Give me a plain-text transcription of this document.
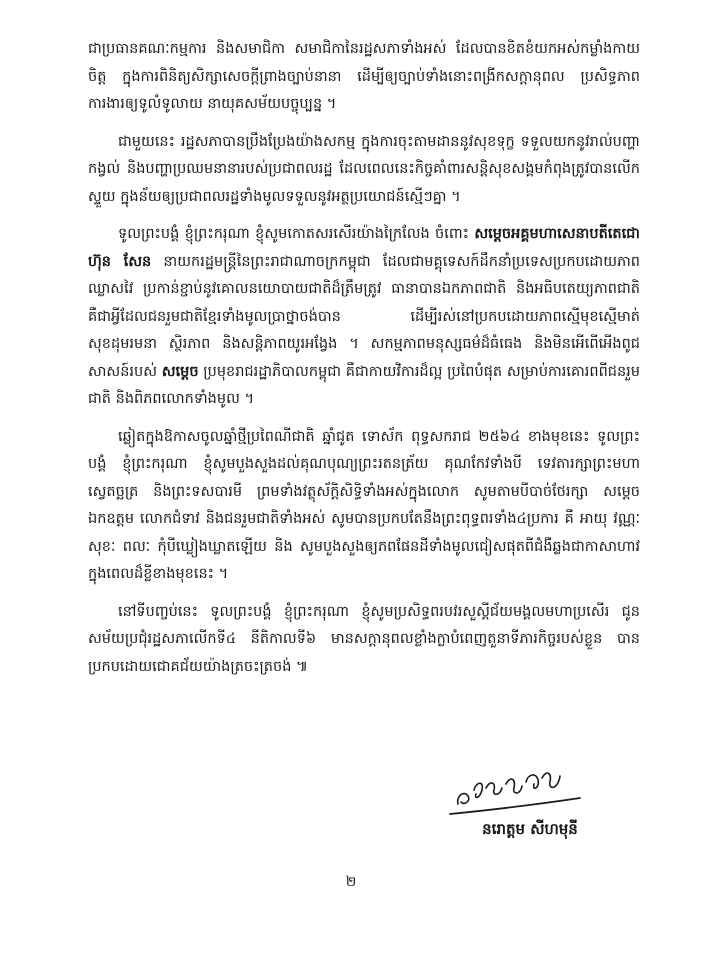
ជាប្រធានគណៈកម្មការ និងសមាជិកា សមាជិកានៃរដ្ឋសភាទាំងអស់ ដែលបានខិតខំយកអស់កម្លាំងកាយចិត្ត ក្នុងការពិនិត្យសិក្សាសេចក្ដីព្រាងច្បាប់នានា ដើម្បីឲ្យច្បាប់ទាំងនោះពង្រីកសក្ដានុពល ប្រសិទ្ធភាពការងារឲ្យទូលំទូលាយ នាយុគសម័យបច្ចុប្បន្ន ។

ជាមួយនេះ រដ្ឋសភាបានប្រឹងប្រែងយ៉ាងសកម្ម ក្នុងការចុះតាមដាននូវសុខទុក្ខ ទទួលយកនូវរាល់បញ្ហាកង្វល់ និងបញ្ហាប្រឈមនានារបស់ប្រជាពលរដ្ឋ ដែលពេលនេះកិច្ចគាំពារសន្តិសុខសង្គមកំពុងត្រូវបានលើកស្ទួយ ក្នុងន័យឲ្យប្រជាពលរដ្ឋទាំងមូលទទួលនូវអត្ថប្រយោជន៍ស្មើៗគ្នា ។

ទូលព្រះបង្គំ ខ្ញុំព្រះករុណា ខ្ញុំសូមកោតសរសើរយ៉ាងក្រៃលែង ចំពោះ សម្ដេចអគ្គមហាសេនាបតីតេជោ ហ៊ុន សែន នាយករដ្ឋមន្ត្រីនៃព្រះរាជាណាចក្រកម្ពុជា ដែលជាមគ្គុទេសក៍ដឹកនាំប្រទេសប្រកបដោយភាពឈ្លាសវៃ ប្រកាន់ខ្ជាប់នូវគោលនយោបាយជាតិដ៏ត្រឹមត្រូវ ធានាបានឯកភាពជាតិ និងអធិបតេយ្យភាពជាតិ គឺជាអ្វីដែលជនរួមជាតិខ្មែរទាំងមូលប្រាថ្នាចង់បាន ដើម្បីរស់នៅប្រកបដោយភាពស្មើមុខស្មើមាត់ សុខដុមរមនា ស្ថិរភាព និងសន្តិភាពយូរអង្វែង ។ សកម្មភាពមនុស្សធម៌ដ៏ធំធេង និងមិនអើពើអើងពូជសាសន៍របស់ សម្ដេច ប្រមុខរាជរដ្ឋាភិបាលកម្ពុជា គឺជាកាយវិការដ៏ល្អ ប្រពៃបំផុត សម្រាប់ការគោរពពីជនរួមជាតិ និងពិភពលោកទាំងមូល ។

ឆ្លៀតក្នុងឱកាសចូលឆ្នាំថ្មីប្រពៃណីជាតិ ឆ្នាំជូត ទោស័ក ពុទ្ធសករាជ ២៥៦៤ ខាងមុខនេះ ទូលព្រះបង្គំ ខ្ញុំព្រះករុណា ខ្ញុំសូមបួងសួងដល់គុណបុណ្យព្រះរតនត្រ័យ គុណកែវទាំងបី ទេវតារក្សាព្រះមហាស្វេតច្ឆត្រ និងព្រះទសបារមី ព្រមទាំងវត្ថុស័ក្ដិសិទ្ធិទាំងអស់ក្នុងលោក សូមតាមបីបាច់ថែរក្សា សម្ដេច ឯកឧត្ដម លោកជំទាវ និងជនរួមជាតិទាំងអស់ សូមបានប្រកបតែនឹងព្រះពុទ្ធពរទាំង៤ប្រការ គឺ អាយុ វណ្ណៈ សុខៈ ពលៈ កុំបីឃ្លៀងឃ្លាតឡើយ និង សូមបួងសួងឲ្យភពផែនដីទាំងមូលជៀសផុតពីជំងឺឆ្លងជាកាសាហាវក្នុងពេលដ៏ខ្លីខាងមុខនេះ ។

នៅទីបញ្ចប់នេះ ទូលព្រះបង្គំ ខ្ញុំព្រះករុណា ខ្ញុំសូមប្រសិទ្ធពរបវរសួស្ដីជ័យមង្គលមហាប្រសើរ ជូនសម័យប្រជុំរដ្ឋសភាលើកទី៤ នីតិកាលទី៦ មានសក្ដានុពលខ្លាំងក្លាបំពេញតួនាទីភារកិច្ចរបស់ខ្លួន បានប្រកបដោយជោគជ័យយ៉ាងត្រចះត្រចង់ ៕

នរោត្តម សីហមុនី
២
